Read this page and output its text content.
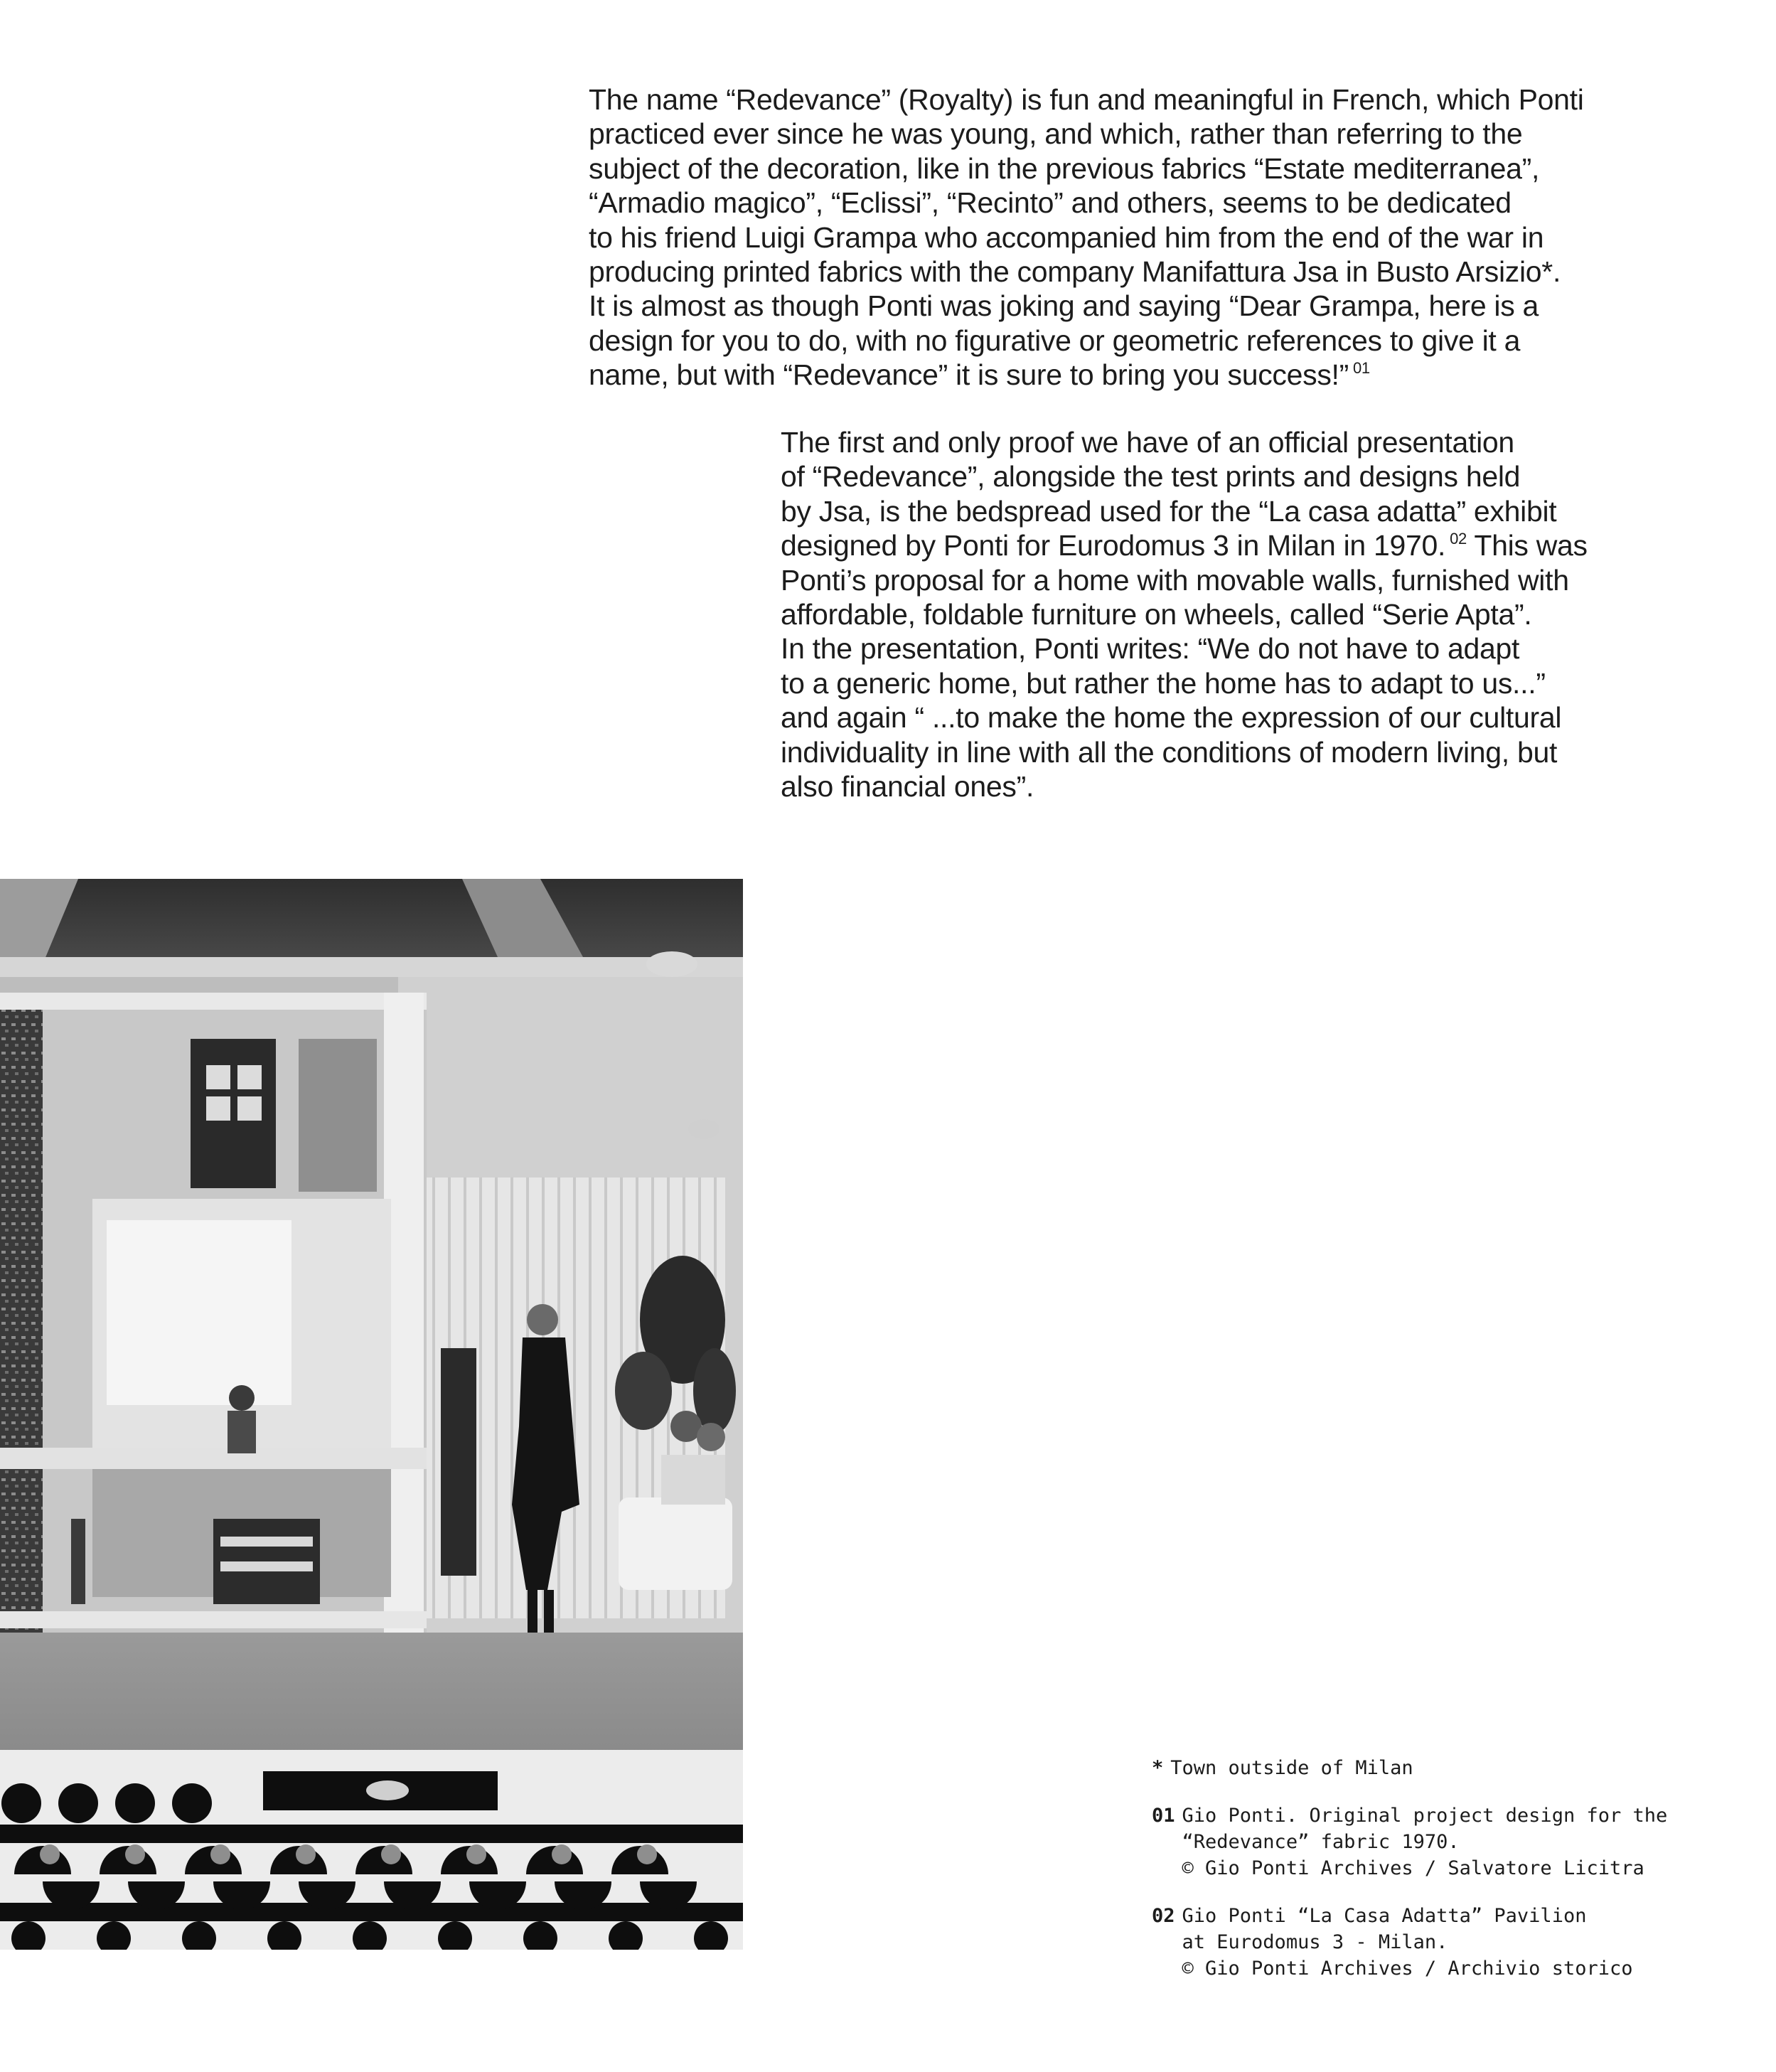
The name “Redevance” (Royalty) is fun and meaningful in French, which Ponti
practiced ever since he was young, and which, rather than referring to the
subject of the decoration, like in the previous fabrics “Estate mediterranea”,
“Armadio magico”, “Eclissi”, “Recinto” and others, seems to be dedicated
to his friend Luigi Grampa who accompanied him from the end of the war in
producing printed fabrics with the company Manifattura Jsa in Busto Arsizio*.
It is almost as though Ponti was joking and saying “Dear Grampa, here is a
design for you to do, with no figurative or geometric references to give it a
name, but with “Redevance” it is sure to bring you success!” $^{01}$

The first and only proof we have of an official presentation
of “Redevance”, alongside the test prints and designs held
by Jsa, is the bedspread used for the “La casa adatta” exhibit
designed by Ponti for Eurodomus 3 in Milan in 1970. $^{02}$ This was
Ponti’s proposal for a home with movable walls, furnished with
affordable, foldable furniture on wheels, called “Serie Apta”.
In the presentation, Ponti writes: “We do not have to adapt
to a generic home, but rather the home has to adapt to us...”
and again “ ...to make the home the expression of our cultural
individuality in line with all the conditions of modern living, but
also financial ones”.

* Town outside of Milan

01 Gio Ponti. Original project design for the
“Redevance” fabric 1970.
© Gio Ponti Archives / Salvatore Licitra

02 Gio Ponti “La Casa Adatta” Pavilion
at Eurodomus 3 - Milan.
© Gio Ponti Archives / Archivio storico
